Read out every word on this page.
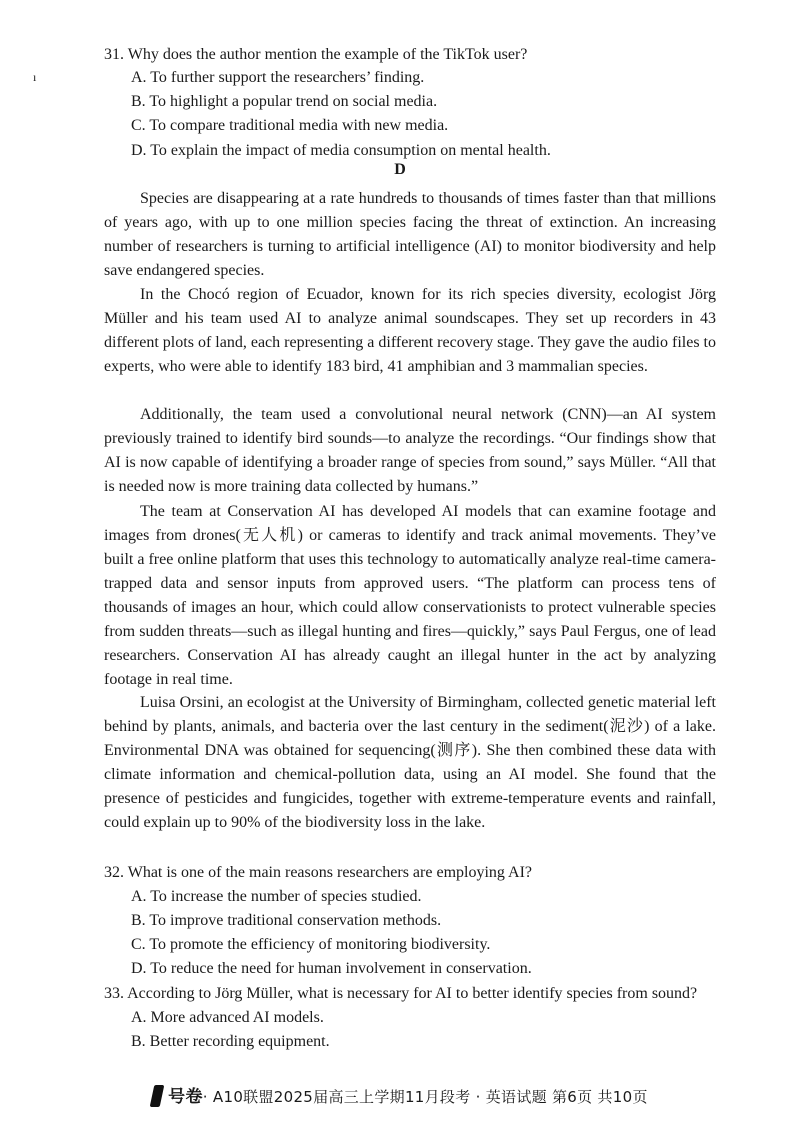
ı
31. Why does the author mention the example of the TikTok user?
A. To further support the researchers’ finding.
B. To highlight a popular trend on social media.
C. To compare traditional media with new media.
D. To explain the impact of media consumption on mental health.
D

Species are disappearing at a rate hundreds to thousands of times faster than that millions of years ago, with up to one million species facing the threat of extinction. An increasing number of researchers is turning to artificial intelligence (AI) to monitor biodiversity and help save endangered species.

In the Chocó region of Ecuador, known for its rich species diversity, ecologist Jörg Müller and his team used AI to analyze animal soundscapes. They set up recorders in 43 different plots of land, each representing a different recovery stage. They gave the audio files to experts, who were able to identify 183 bird, 41 amphibian and 3 mammalian species.

Additionally, the team used a convolutional neural network (CNN)—an AI system previously trained to identify bird sounds—to analyze the recordings. “Our findings show that AI is now capable of identifying a broader range of species from sound,” says Müller. “All that is needed now is more training data collected by humans.”

The team at Conservation AI has developed AI models that can examine footage and images from drones(无人机) or cameras to identify and track animal movements. They’ve built a free online platform that uses this technology to automatically analyze real-time camera-trapped data and sensor inputs from approved users. “The platform can process tens of thousands of images an hour, which could allow conservationists to protect vulnerable species from sudden threats—such as illegal hunting and fires—quickly,” says Paul Fergus, one of lead researchers. Conservation AI has already caught an illegal hunter in the act by analyzing footage in real time.

Luisa Orsini, an ecologist at the University of Birmingham, collected genetic material left behind by plants, animals, and bacteria over the last century in the sediment(泥沙) of a lake. Environmental DNA was obtained for sequencing(测序). She then combined these data with climate information and chemical-pollution data, using an AI model. She found that the presence of pesticides and fungicides, together with extreme-temperature events and rainfall, could explain up to 90% of the biodiversity loss in the lake.

32. What is one of the main reasons researchers are employing AI?
A. To increase the number of species studied.
B. To improve traditional conservation methods.
C. To promote the efficiency of monitoring biodiversity.
D. To reduce the need for human involvement in conservation.
33. According to Jörg Müller, what is necessary for AI to better identify species from sound?
A. More advanced AI models.
B. Better recording equipment.
号卷· A10联盟2025届高三上学期11月段考 · 英语试题 第6页 共10页
